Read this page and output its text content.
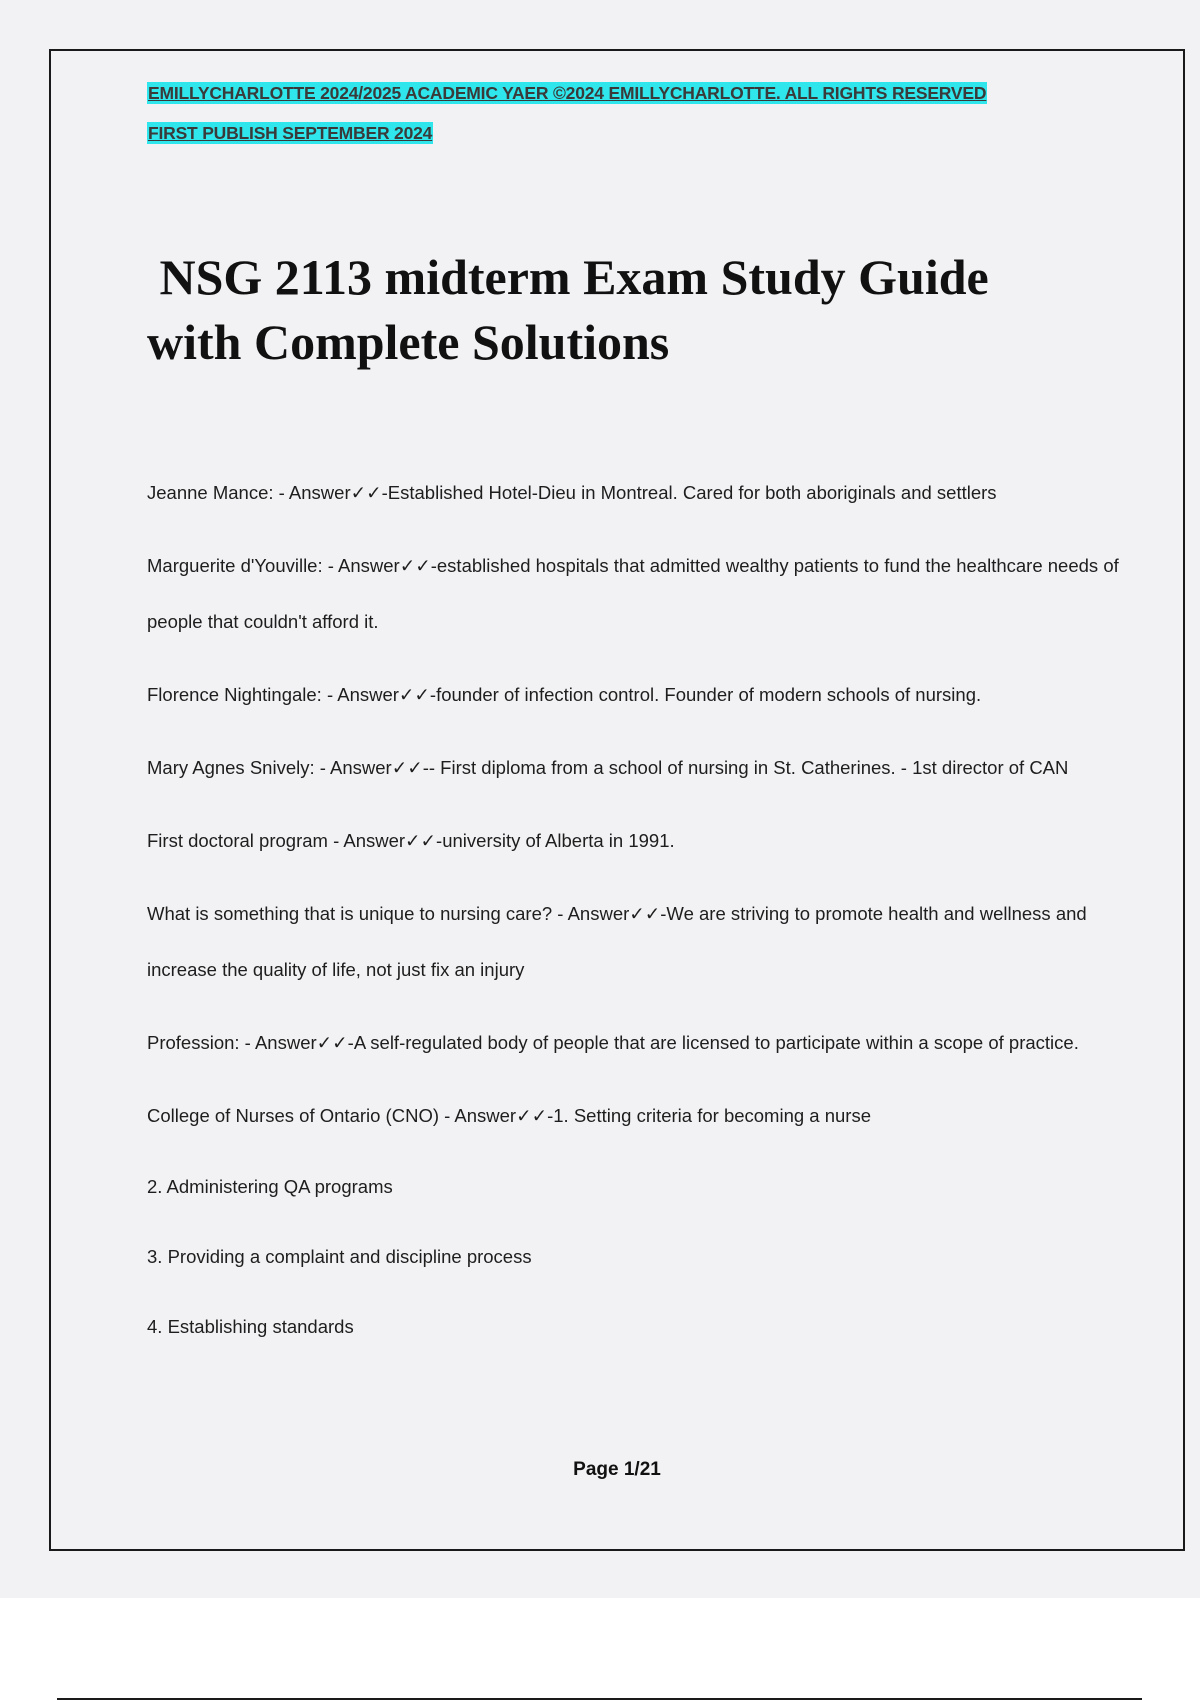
EMILLYCHARLOTTE 2024/2025 ACADEMIC YAER ©2024 EMILLYCHARLOTTE. ALL RIGHTS RESERVED
FIRST PUBLISH SEPTEMBER 2024
NSG 2113 midterm Exam Study Guide
with Complete Solutions

Jeanne Mance: - Answer✓✓-Established Hotel-Dieu in Montreal. Cared for both aboriginals and settlers

Marguerite d'Youville: - Answer✓✓-established hospitals that admitted wealthy patients to fund the healthcare needs of people that couldn't afford it.

Florence Nightingale: - Answer✓✓-founder of infection control. Founder of modern schools of nursing.

Mary Agnes Snively: - Answer✓✓-- First diploma from a school of nursing in St. Catherines. - 1st director of CAN

First doctoral program - Answer✓✓-university of Alberta in 1991.

What is something that is unique to nursing care? - Answer✓✓-We are striving to promote health and wellness and increase the quality of life, not just fix an injury

Profession: - Answer✓✓-A self-regulated body of people that are licensed to participate within a scope of practice.

College of Nurses of Ontario (CNO) - Answer✓✓-1. Setting criteria for becoming a nurse

2. Administering QA programs

3. Providing a complaint and discipline process

4. Establishing standards

Page 1/21
